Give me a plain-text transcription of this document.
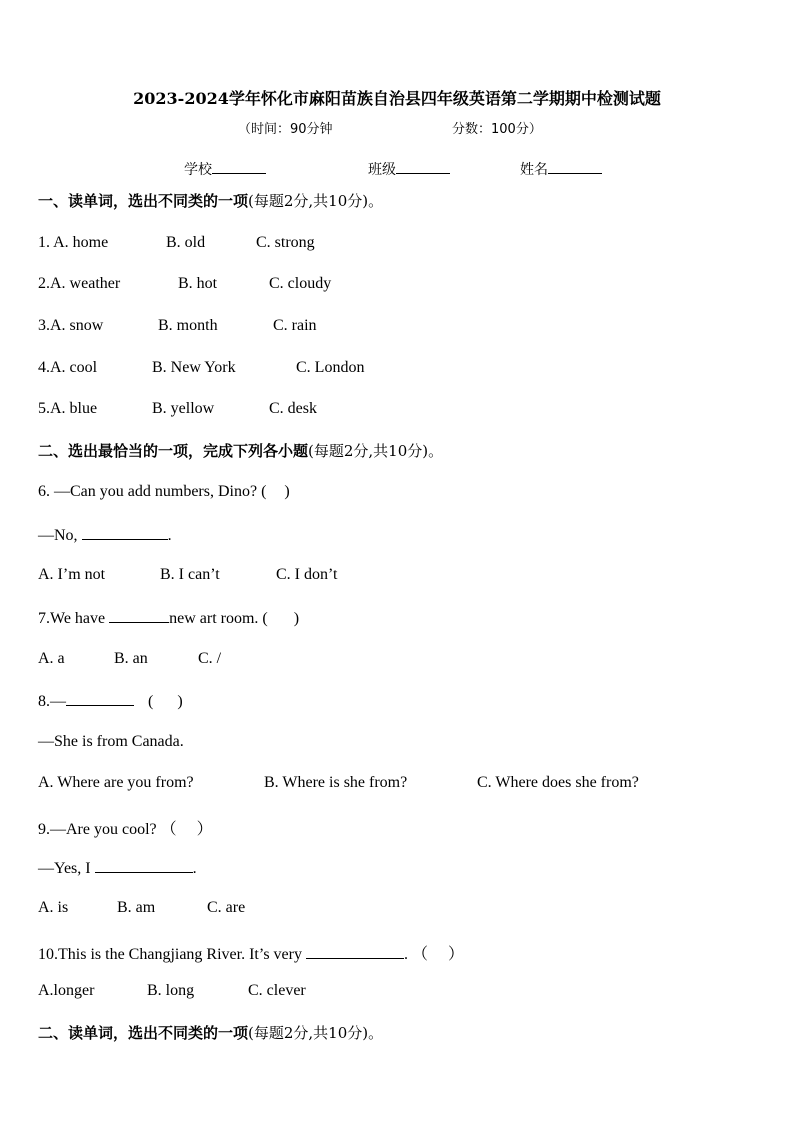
2023-2024学年怀化市麻阳苗族自治县四年级英语第二学期期中检测试题
（时间：90分钟	分数：100分）
学校	班级	姓名
一、读单词，选出不同类的一项(每题2分,共10分)。
1. A. home	B. old	C. strong
2.A. weather	B. hot	C. cloudy
3.A. snow	B. month	C. rain
4.A. cool	B. New York	C. London
5.A. blue	B. yellow	C. desk
二、选出最恰当的一项，完成下列各小题(每题2分,共10分)。
6. —Can you add numbers, Dino? ( )
—No,	.
A. I’m not	B. I can’t	C. I don’t
7.We have	new art room. ( )
A. a	B. an	C. /
8.—	( )
—She is from Canada.
A. Where are you from?	B. Where is she from?	C. Where does she from?
9.—Are you cool? （ ）
—Yes, I	.
A. is	B. am	C. are
10.This is the Changjiang River. It’s very	. （ ）
A.longer	B. long	C. clever
二、读单词，选出不同类的一项(每题2分,共10分)。
